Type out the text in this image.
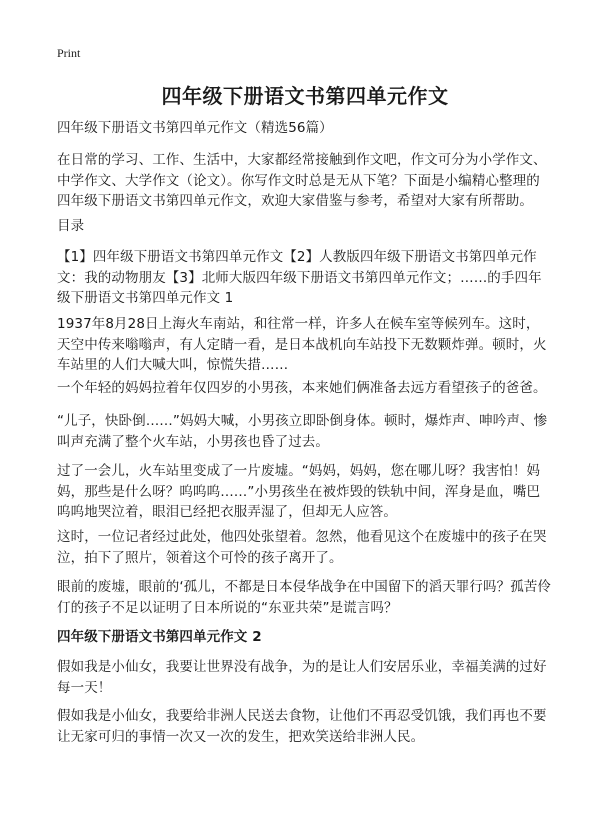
Print
四年级下册语文书第四单元作文

四年级下册语文书第四单元作文（精选56篇）

在日常的学习、工作、生活中，大家都经常接触到作文吧，作文可分为小学作文、中学作文、大学作文（论文）。你写作文时总是无从下笔？下面是小编精心整理的四年级下册语文书第四单元作文，欢迎大家借鉴与参考，希望对大家有所帮助。

目录

【1】四年级下册语文书第四单元作文【2】人教版四年级下册语文书第四单元作文：我的动物朋友【3】北师大版四年级下册语文书第四单元作文；……的手四年级下册语文书第四单元作文 1

1937年8月28日上海火车南站，和往常一样，许多人在候车室等候列车。这时，天空中传来嗡嗡声，有人定睛一看，是日本战机向车站投下无数颗炸弹。顿时，火车站里的人们大喊大叫，惊慌失措……

一个年轻的妈妈拉着年仅四岁的小男孩，本来她们俩准备去远方看望孩子的爸爸。

“儿子，快卧倒……”妈妈大喊，小男孩立即卧倒身体。顿时，爆炸声、呻吟声、惨叫声充满了整个火车站，小男孩也昏了过去。

过了一会儿，火车站里变成了一片废墟。“妈妈，妈妈，您在哪儿呀？我害怕！妈妈，那些是什么呀？呜呜呜……”小男孩坐在被炸毁的铁轨中间，浑身是血，嘴巴呜呜地哭泣着，眼泪已经把衣服弄湿了，但却无人应答。

这时，一位记者经过此处，他四处张望着。忽然，他看见这个在废墟中的孩子在哭泣，拍下了照片，领着这个可怜的孩子离开了。

眼前的废墟，眼前的‘孤儿，不都是日本侵华战争在中国留下的滔天罪行吗？孤苦伶仃的孩子不足以证明了日本所说的“东亚共荣”是谎言吗？

四年级下册语文书第四单元作文 2

假如我是小仙女，我要让世界没有战争，为的是让人们安居乐业，幸福美满的过好每一天！

假如我是小仙女，我要给非洲人民送去食物，让他们不再忍受饥饿，我们再也不要让无家可归的事情一次又一次的发生，把欢笑送给非洲人民。
